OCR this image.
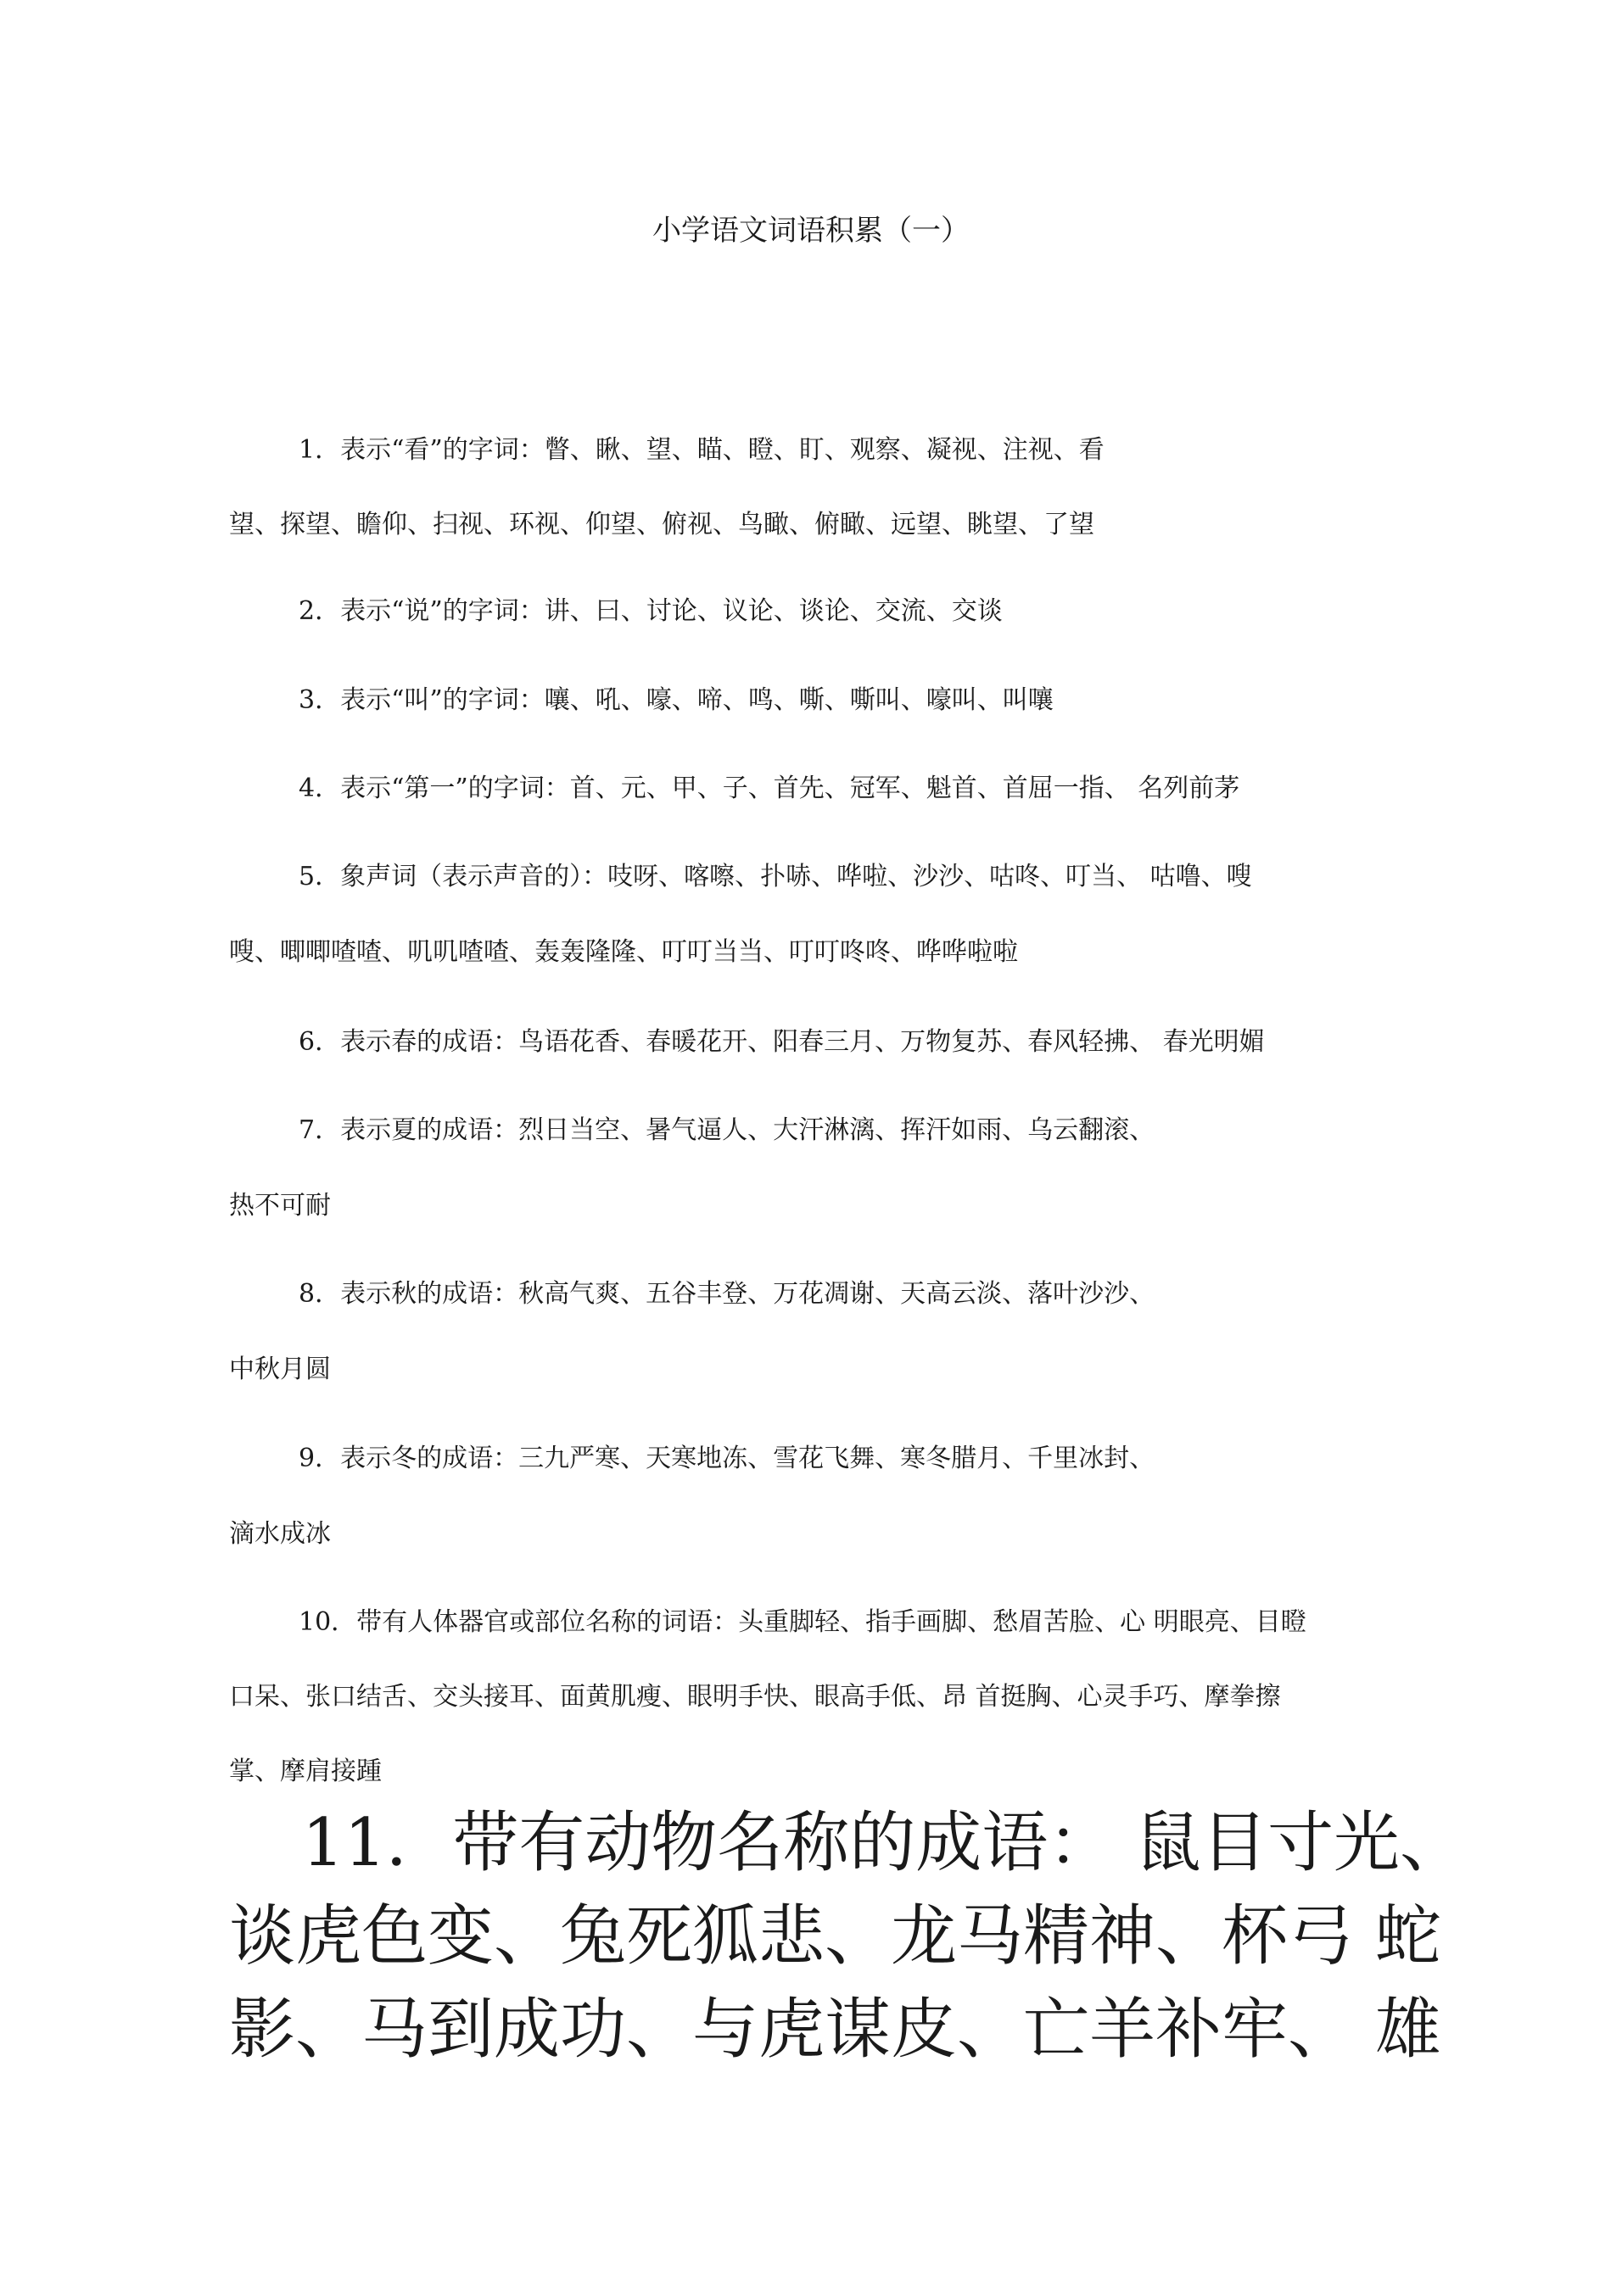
小学语文词语积累（一）
1．表示“看”的字词：瞥、瞅、望、瞄、瞪、盯、观察、凝视、注视、看
望、探望、瞻仰、扫视、环视、仰望、俯视、鸟瞰、俯瞰、远望、眺望、了望
2．表示“说”的字词：讲、曰、讨论、议论、谈论、交流、交谈
3．表示“叫”的字词：嚷、吼、嚎、啼、鸣、嘶、嘶叫、嚎叫、叫嚷
4．表示“第一”的字词：首、元、甲、子、首先、冠军、魁首、首屈一指、 名列前茅
5．象声词（表示声音的）：吱呀、喀嚓、扑哧、哗啦、沙沙、咕咚、叮当、 咕噜、嗖
嗖、唧唧喳喳、叽叽喳喳、轰轰隆隆、叮叮当当、叮叮咚咚、哗哗啦啦
6．表示春的成语：鸟语花香、春暖花开、阳春三月、万物复苏、春风轻拂、 春光明媚
7．表示夏的成语：烈日当空、暑气逼人、大汗淋漓、挥汗如雨、乌云翻滚、
热不可耐
8．表示秋的成语：秋高气爽、五谷丰登、万花凋谢、天高云淡、落叶沙沙、
中秋月圆
9．表示冬的成语：三九严寒、天寒地冻、雪花飞舞、寒冬腊月、千里冰封、
滴水成冰
10．带有人体器官或部位名称的词语：头重脚轻、指手画脚、愁眉苦脸、心 明眼亮、目瞪
口呆、张口结舌、交头接耳、面黄肌瘦、眼明手快、眼高手低、昂 首挺胸、心灵手巧、摩拳擦
掌、摩肩接踵
11．带有动物名称的成语： 鼠目寸光、
谈虎色变、兔死狐悲、龙马精神、杯弓 蛇
影、马到成功、与虎谋皮、亡羊补牢、 雄
